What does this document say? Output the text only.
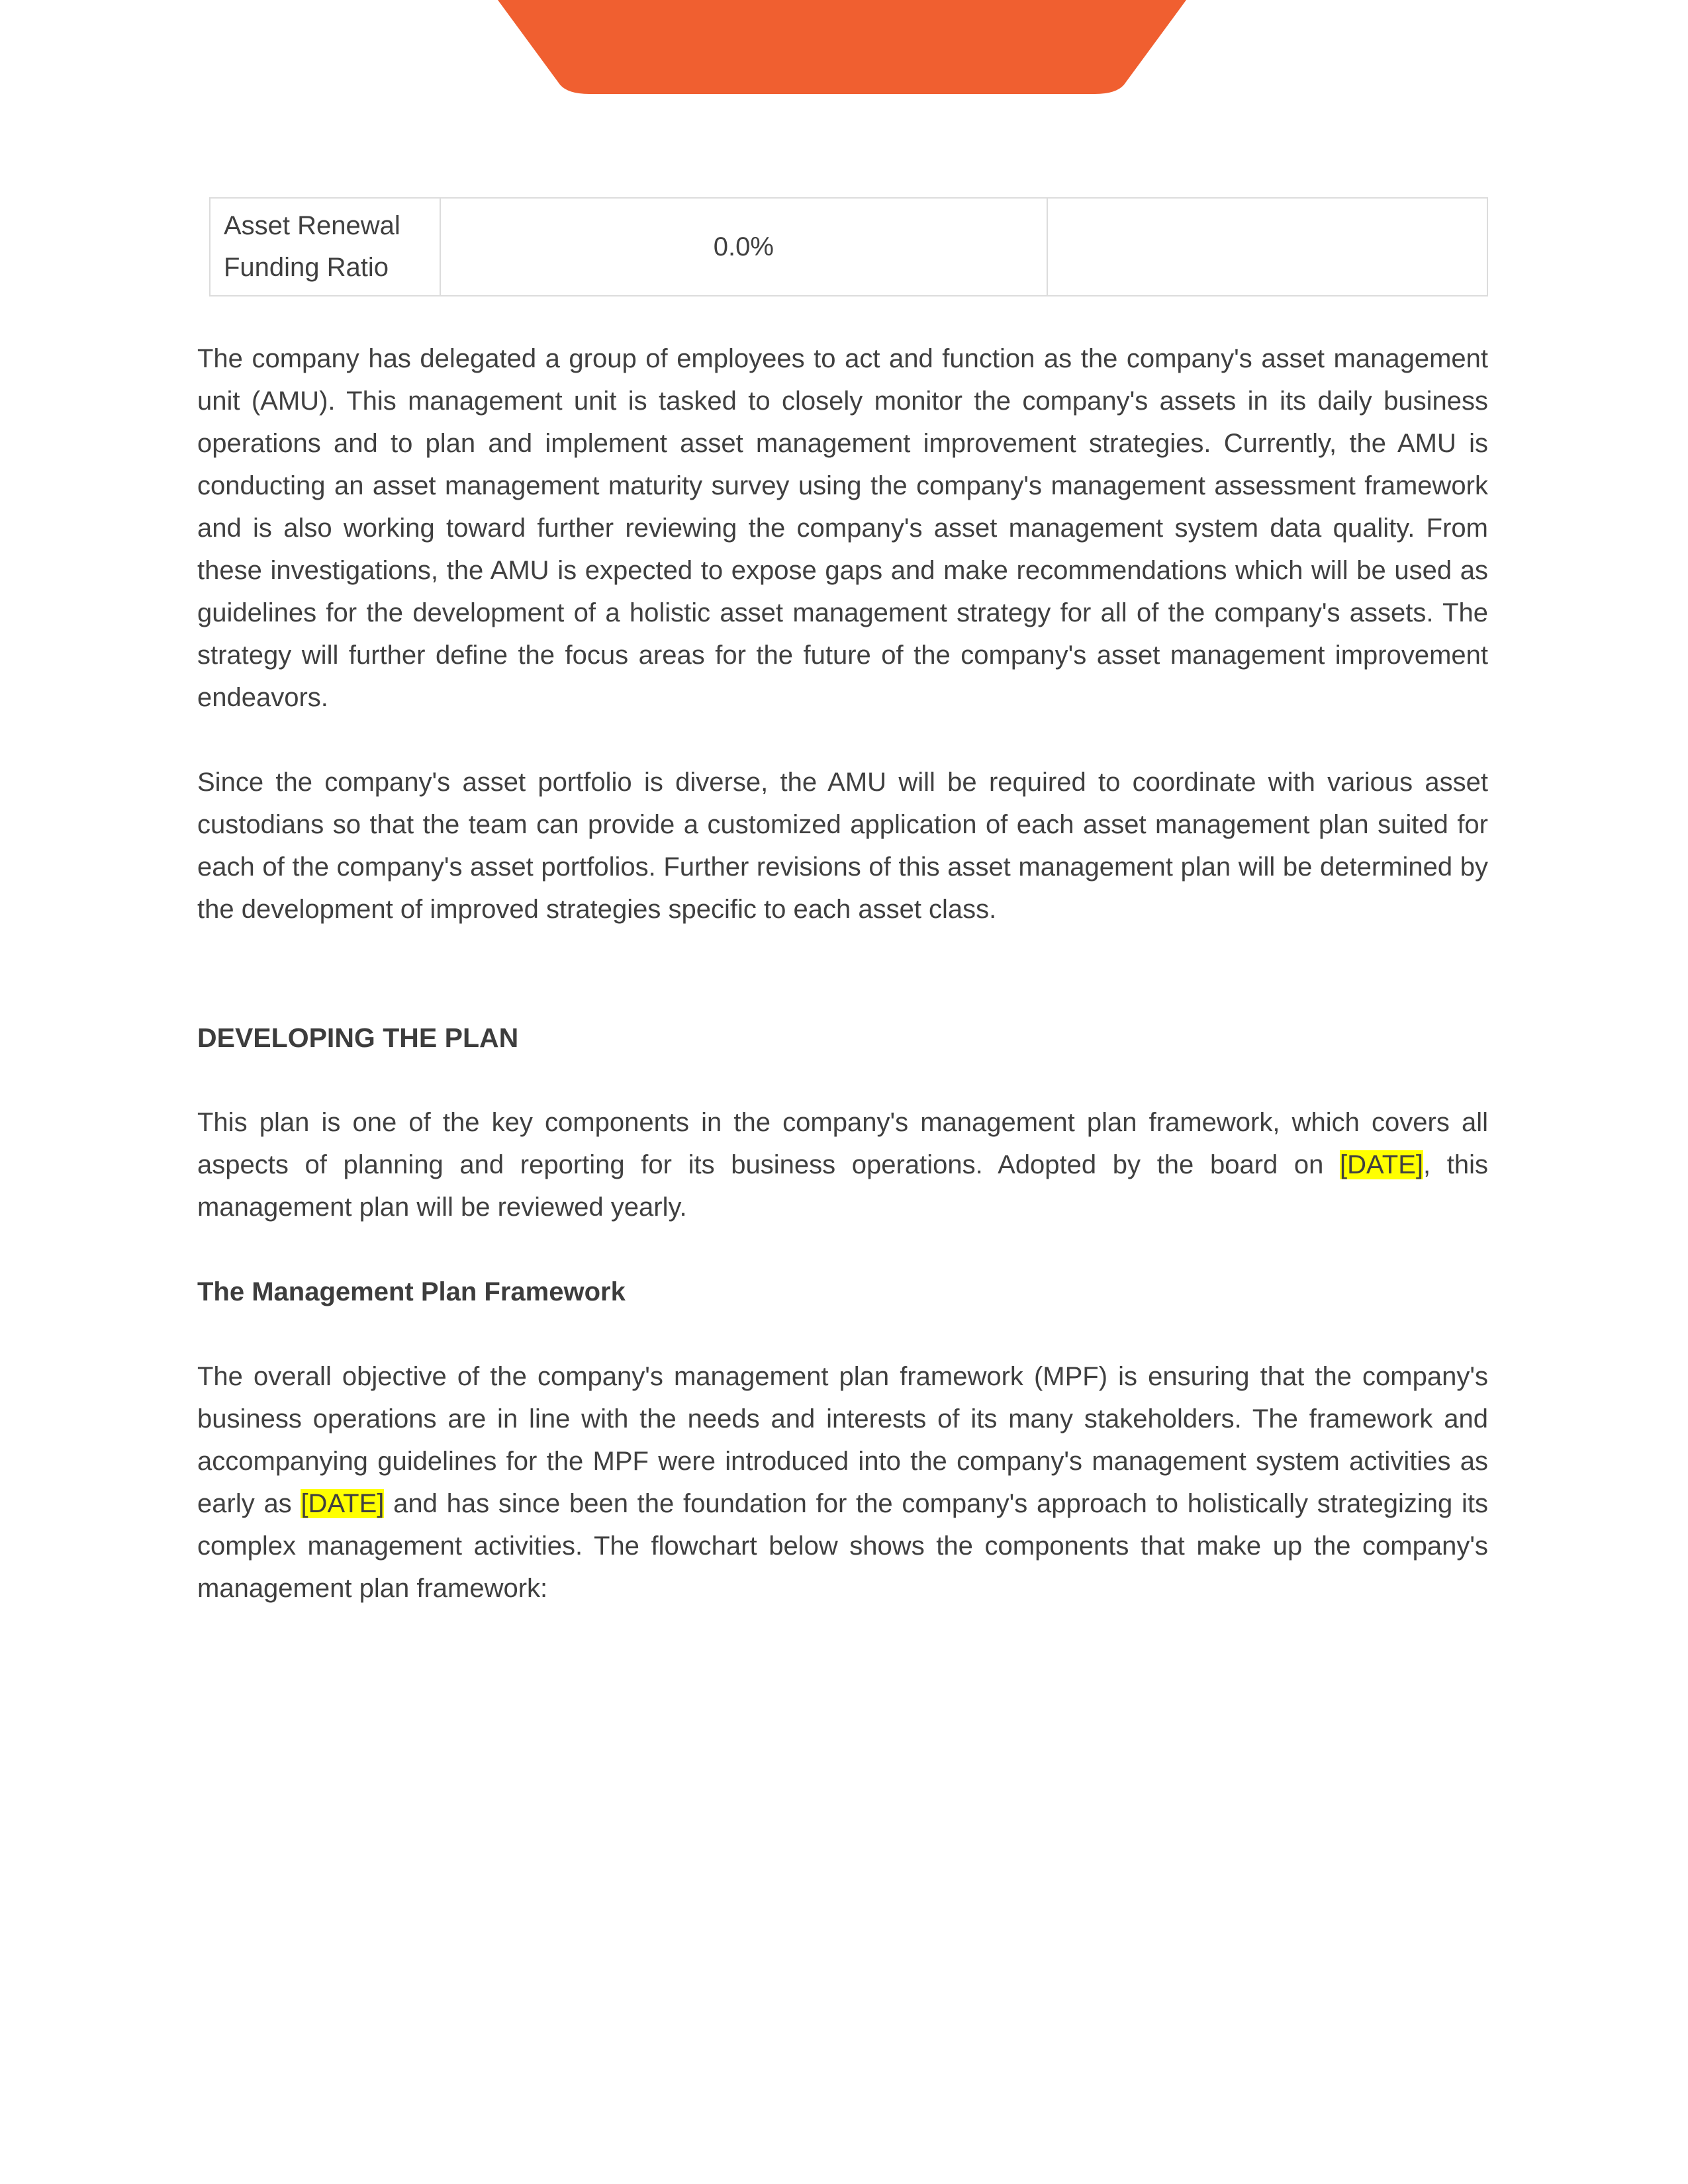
Asset Renewal Funding Ratio	0.0%	

The company has delegated a group of employees to act and function as the company's asset management unit (AMU). This management unit is tasked to closely monitor the company's assets in its daily business operations and to plan and implement asset management improvement strategies. Currently, the AMU is conducting an asset management maturity survey using the company's management assessment framework and is also working toward further reviewing the company's asset management system data quality. From these investigations, the AMU is expected to expose gaps and make recommendations which will be used as guidelines for the development of a holistic asset management strategy for all of the company's assets. The strategy will further define the focus areas for the future of the company's asset management improvement endeavors.

Since the company's asset portfolio is diverse, the AMU will be required to coordinate with various asset custodians so that the team can provide a customized application of each asset management plan suited for each of the company's asset portfolios. Further revisions of this asset management plan will be determined by the development of improved strategies specific to each asset class.

DEVELOPING THE PLAN

This plan is one of the key components in the company's management plan framework, which covers all aspects of planning and reporting for its business operations. Adopted by the board on [DATE], this management plan will be reviewed yearly.

The Management Plan Framework

The overall objective of the company's management plan framework (MPF) is ensuring that the company's business operations are in line with the needs and interests of its many stakeholders. The framework and accompanying guidelines for the MPF were introduced into the company's management system activities as early as [DATE] and has since been the foundation for the company's approach to holistically strategizing its complex management activities. The flowchart below shows the components that make up the company's management plan framework:
